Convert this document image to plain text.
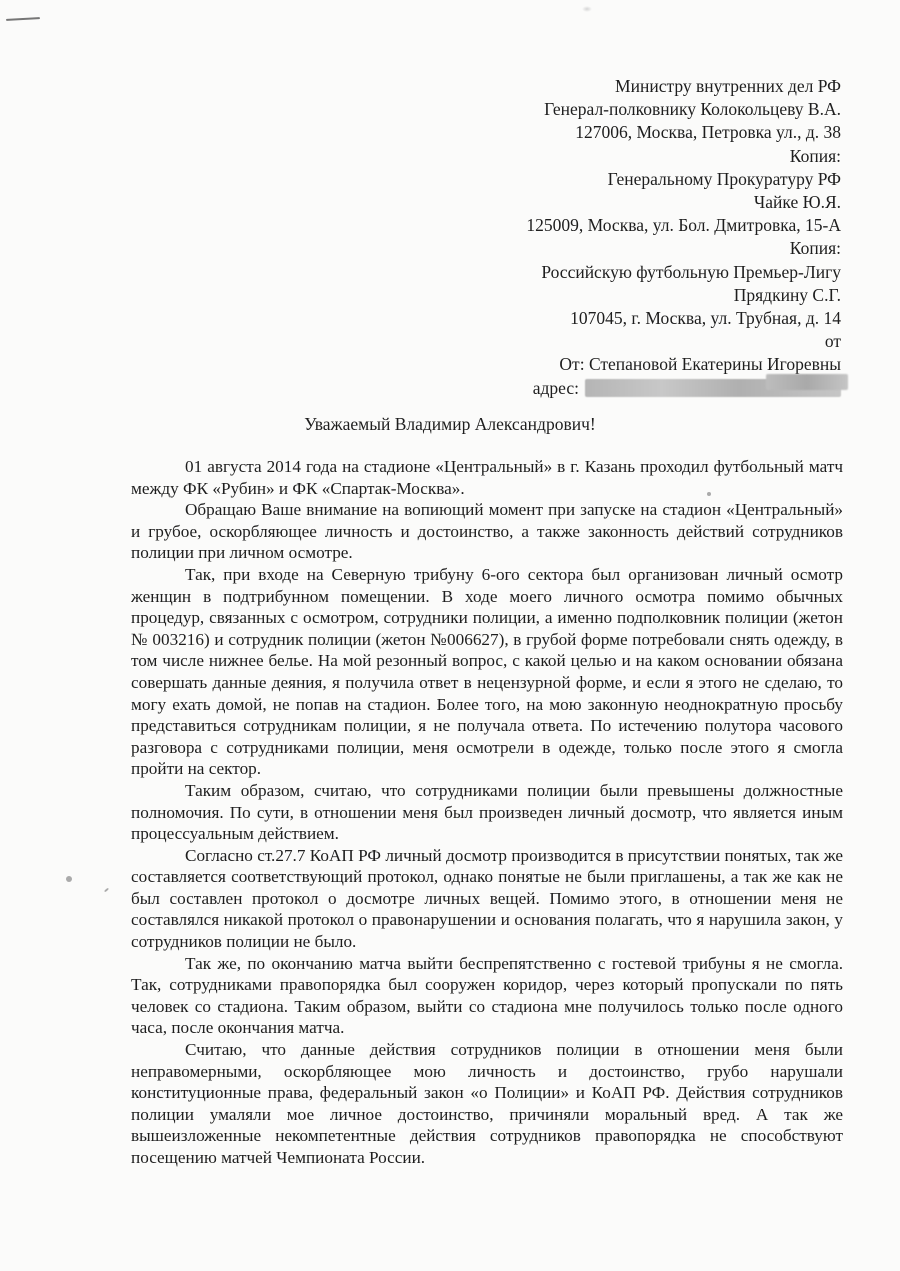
Министру внутренних дел РФ
Генерал-полковнику Колокольцеву В.А.
127006, Москва, Петровка ул., д. 38
Копия:
Генеральному Прокуратуру РФ
Чайке Ю.Я.
125009, Москва, ул. Бол. Дмитровка, 15-А
Копия:
Российскую футбольную Премьер-Лигу
Прядкину С.Г.
107045, г. Москва, ул. Трубная, д. 14
от
От: Степановой Екатерины Игоревны
адрес:
Уважаемый Владимир Александрович!

01 августа 2014 года на стадионе «Центральный» в г. Казань проходил футбольный матч между ФК «Рубин» и ФК «Спартак-Москва».

Обращаю Ваше внимание на вопиющий момент при запуске на стадион «Центральный» и грубое, оскорбляющее личность и достоинство, а также законность действий сотрудников полиции при личном осмотре.

Так, при входе на Северную трибуну 6-ого сектора был организован личный осмотр женщин в подтрибунном помещении. В ходе моего личного осмотра помимо обычных процедур, связанных с осмотром, сотрудники полиции, а именно подполковник полиции (жетон № 003216) и сотрудник полиции (жетон №006627), в грубой форме потребовали снять одежду, в том числе нижнее белье. На мой резонный вопрос, с какой целью и на каком основании обязана совершать данные деяния, я получила ответ в нецензурной форме, и если я этого не сделаю, то могу ехать домой, не попав на стадион. Более того, на мою законную неоднократную просьбу представиться сотрудникам полиции, я не получала ответа. По истечению полутора часового разговора с сотрудниками полиции, меня осмотрели в одежде, только после этого я смогла пройти на сектор.

Таким образом, считаю, что сотрудниками полиции были превышены должностные полномочия. По сути, в отношении меня был произведен личный досмотр, что является иным процессуальным действием.

Согласно ст.27.7 КоАП РФ личный досмотр производится в присутствии понятых, так же составляется соответствующий протокол, однако понятые не были приглашены, а так же как не был составлен протокол о досмотре личных вещей. Помимо этого, в отношении меня не составлялся никакой протокол о правонарушении и основания полагать, что я нарушила закон, у сотрудников полиции не было.

Так же, по окончанию матча выйти беспрепятственно с гостевой трибуны я не смогла. Так, сотрудниками правопорядка был сооружен коридор, через который пропускали по пять человек со стадиона. Таким образом, выйти со стадиона мне получилось только после одного часа, после окончания матча.

Считаю, что данные действия сотрудников полиции в отношении меня были неправомерными, оскорбляющее мою личность и достоинство, грубо нарушали конституционные права, федеральный закон «о Полиции» и КоАП РФ. Действия сотрудников полиции умаляли мое личное достоинство, причиняли моральный вред. А так же вышеизложенные некомпетентные действия сотрудников правопорядка не способствуют посещению матчей Чемпионата России.
